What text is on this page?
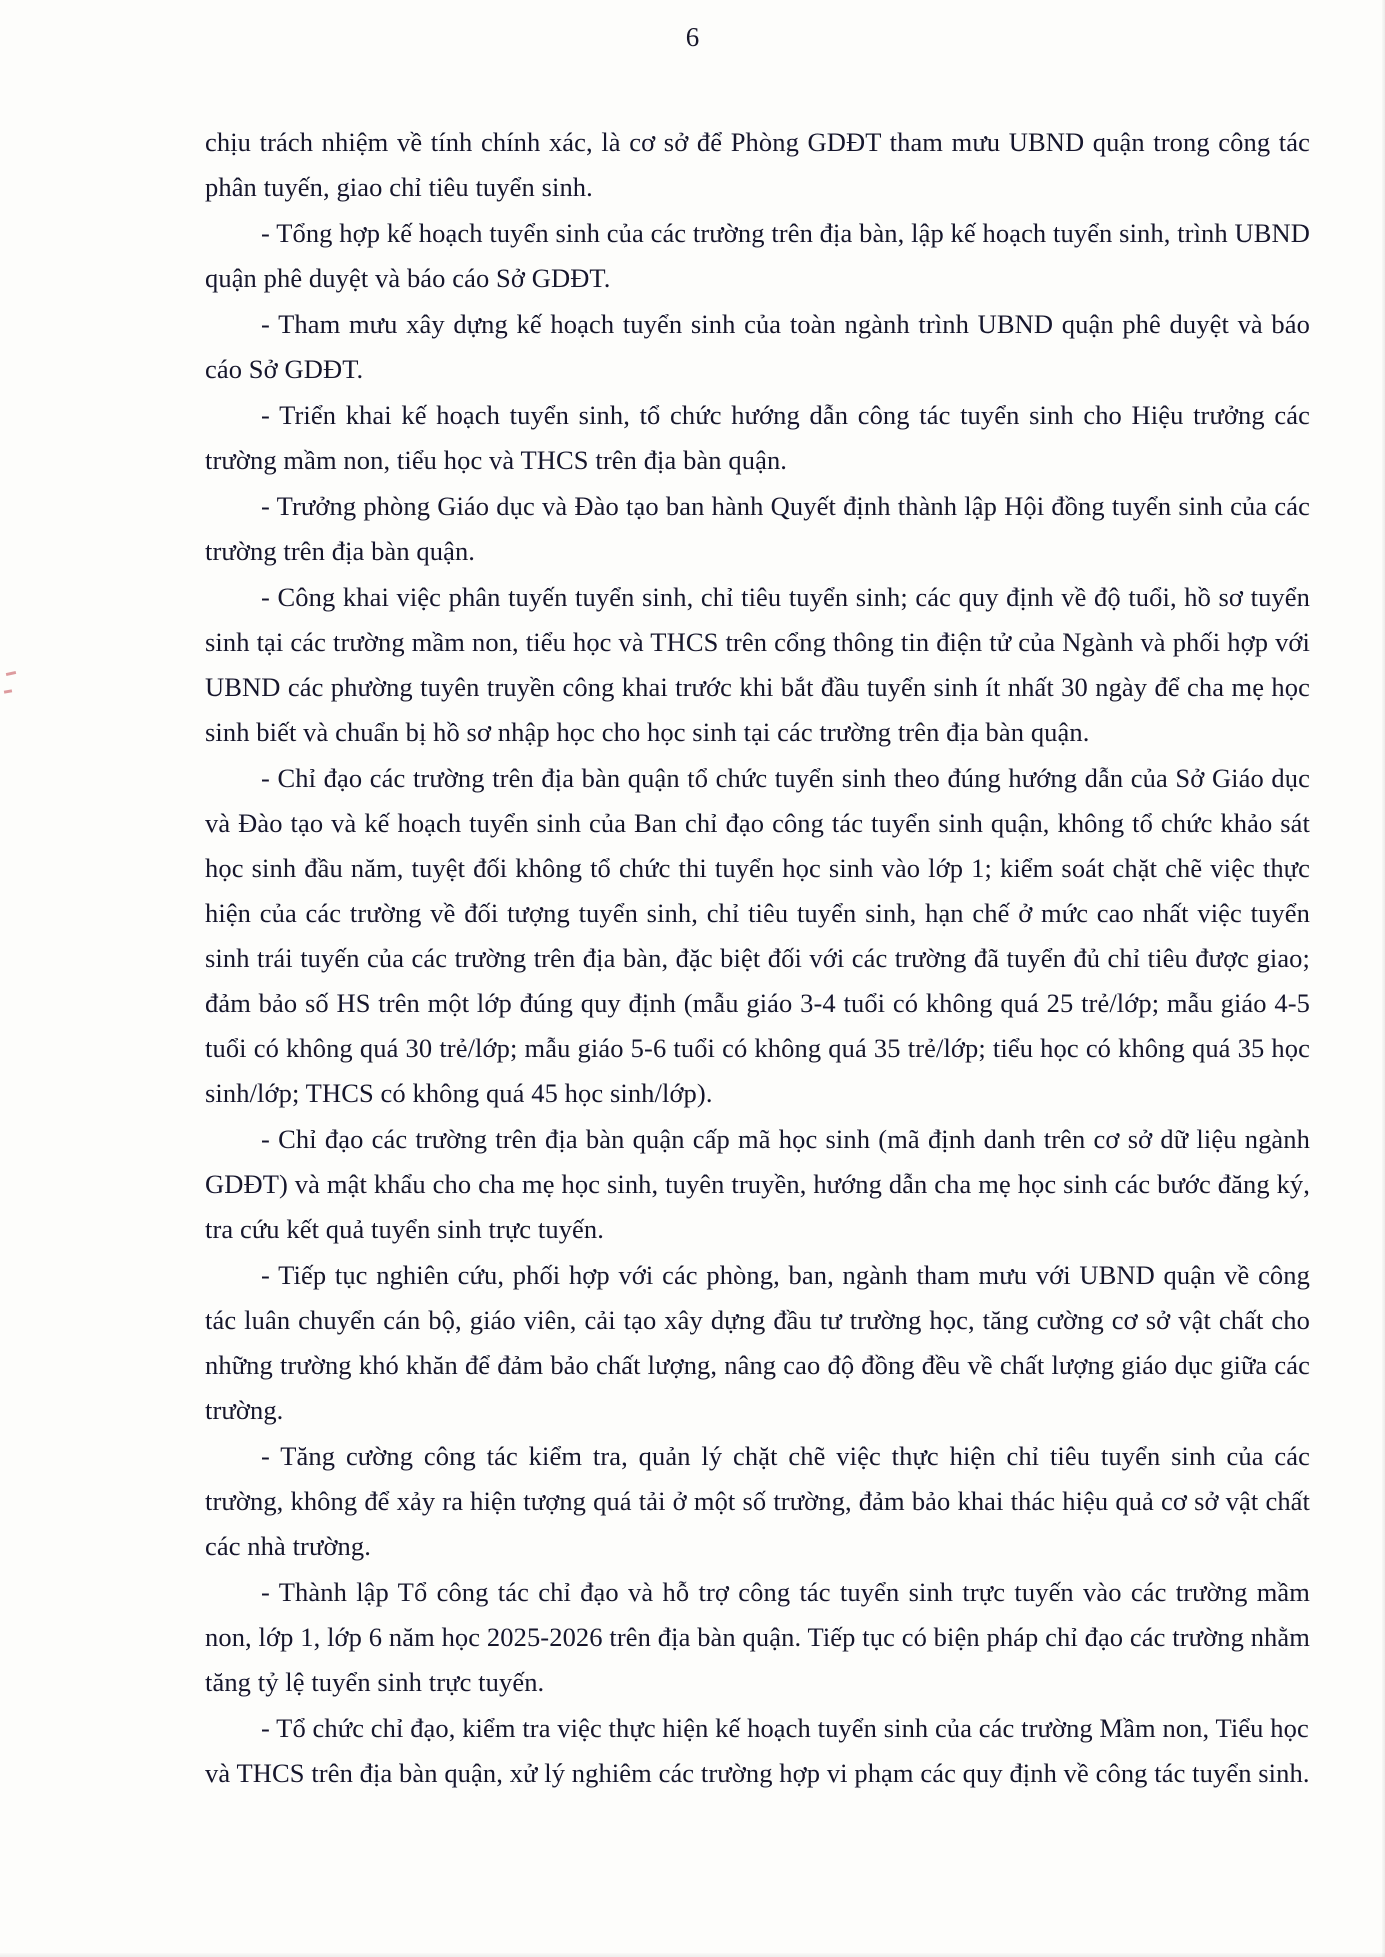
6

chịu trách nhiệm về tính chính xác, là cơ sở để Phòng GDĐT tham mưu UBND quận trong công tác phân tuyến, giao chỉ tiêu tuyển sinh.

- Tổng hợp kế hoạch tuyển sinh của các trường trên địa bàn, lập kế hoạch tuyển sinh, trình UBND quận phê duyệt và báo cáo Sở GDĐT.

- Tham mưu xây dựng kế hoạch tuyển sinh của toàn ngành trình UBND quận phê duyệt và báo cáo Sở GDĐT.

- Triển khai kế hoạch tuyển sinh, tổ chức hướng dẫn công tác tuyển sinh cho Hiệu trưởng các trường mầm non, tiểu học và THCS trên địa bàn quận.

- Trưởng phòng Giáo dục và Đào tạo ban hành Quyết định thành lập Hội đồng tuyển sinh của các trường trên địa bàn quận.

- Công khai việc phân tuyến tuyển sinh, chỉ tiêu tuyển sinh; các quy định về độ tuổi, hồ sơ tuyển sinh tại các trường mầm non, tiểu học và THCS trên cổng thông tin điện tử của Ngành và phối hợp với UBND các phường tuyên truyền công khai trước khi bắt đầu tuyển sinh ít nhất 30 ngày để cha mẹ học sinh biết và chuẩn bị hồ sơ nhập học cho học sinh tại các trường trên địa bàn quận.

- Chỉ đạo các trường trên địa bàn quận tổ chức tuyển sinh theo đúng hướng dẫn của Sở Giáo dục và Đào tạo và kế hoạch tuyển sinh của Ban chỉ đạo công tác tuyển sinh quận, không tổ chức khảo sát học sinh đầu năm, tuyệt đối không tổ chức thi tuyển học sinh vào lớp 1; kiểm soát chặt chẽ việc thực hiện của các trường về đối tượng tuyển sinh, chỉ tiêu tuyển sinh, hạn chế ở mức cao nhất việc tuyển sinh trái tuyến của các trường trên địa bàn, đặc biệt đối với các trường đã tuyển đủ chỉ tiêu được giao; đảm bảo số HS trên một lớp đúng quy định (mẫu giáo 3-4 tuổi có không quá 25 trẻ/lớp; mẫu giáo 4-5 tuổi có không quá 30 trẻ/lớp; mẫu giáo 5-6 tuổi có không quá 35 trẻ/lớp; tiểu học có không quá 35 học sinh/lớp; THCS có không quá 45 học sinh/lớp).

- Chỉ đạo các trường trên địa bàn quận cấp mã học sinh (mã định danh trên cơ sở dữ liệu ngành GDĐT) và mật khẩu cho cha mẹ học sinh, tuyên truyền, hướng dẫn cha mẹ học sinh các bước đăng ký, tra cứu kết quả tuyển sinh trực tuyến.

- Tiếp tục nghiên cứu, phối hợp với các phòng, ban, ngành tham mưu với UBND quận về công tác luân chuyển cán bộ, giáo viên, cải tạo xây dựng đầu tư trường học, tăng cường cơ sở vật chất cho những trường khó khăn để đảm bảo chất lượng, nâng cao độ đồng đều về chất lượng giáo dục giữa các trường.

- Tăng cường công tác kiểm tra, quản lý chặt chẽ việc thực hiện chỉ tiêu tuyển sinh của các trường, không để xảy ra hiện tượng quá tải ở một số trường, đảm bảo khai thác hiệu quả cơ sở vật chất các nhà trường.

- Thành lập Tổ công tác chỉ đạo và hỗ trợ công tác tuyển sinh trực tuyến vào các trường mầm non, lớp 1, lớp 6 năm học 2025-2026 trên địa bàn quận. Tiếp tục có biện pháp chỉ đạo các trường nhằm tăng tỷ lệ tuyển sinh trực tuyến.

- Tổ chức chỉ đạo, kiểm tra việc thực hiện kế hoạch tuyển sinh của các trường Mầm non, Tiểu học và THCS trên địa bàn quận, xử lý nghiêm các trường hợp vi phạm các quy định về công tác tuyển sinh.
